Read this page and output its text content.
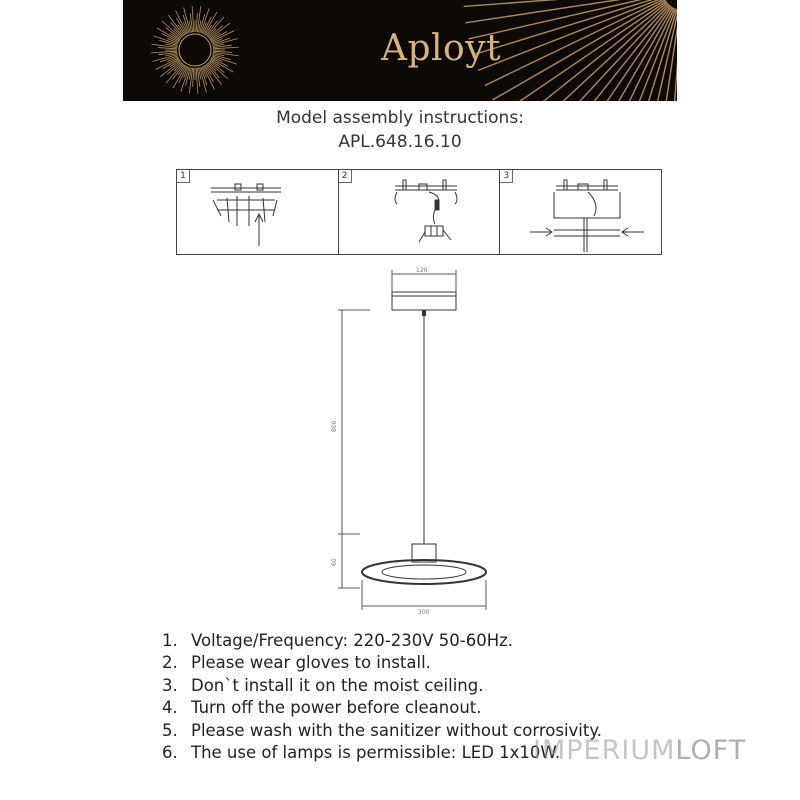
Aployt
Model assembly instructions:
APL.648.16.10
1	2	3
120
800
60
300
1. Voltage/Frequency: 220-230V 50-60Hz.
2. Please wear gloves to install.
3. Don`t install it on the moist ceiling.
4. Turn off the power before cleanout.
5. Please wash with the sanitizer without corrosivity.
6. The use of lamps is permissible: LED 1x10W.
IMPERIUMLOFT
